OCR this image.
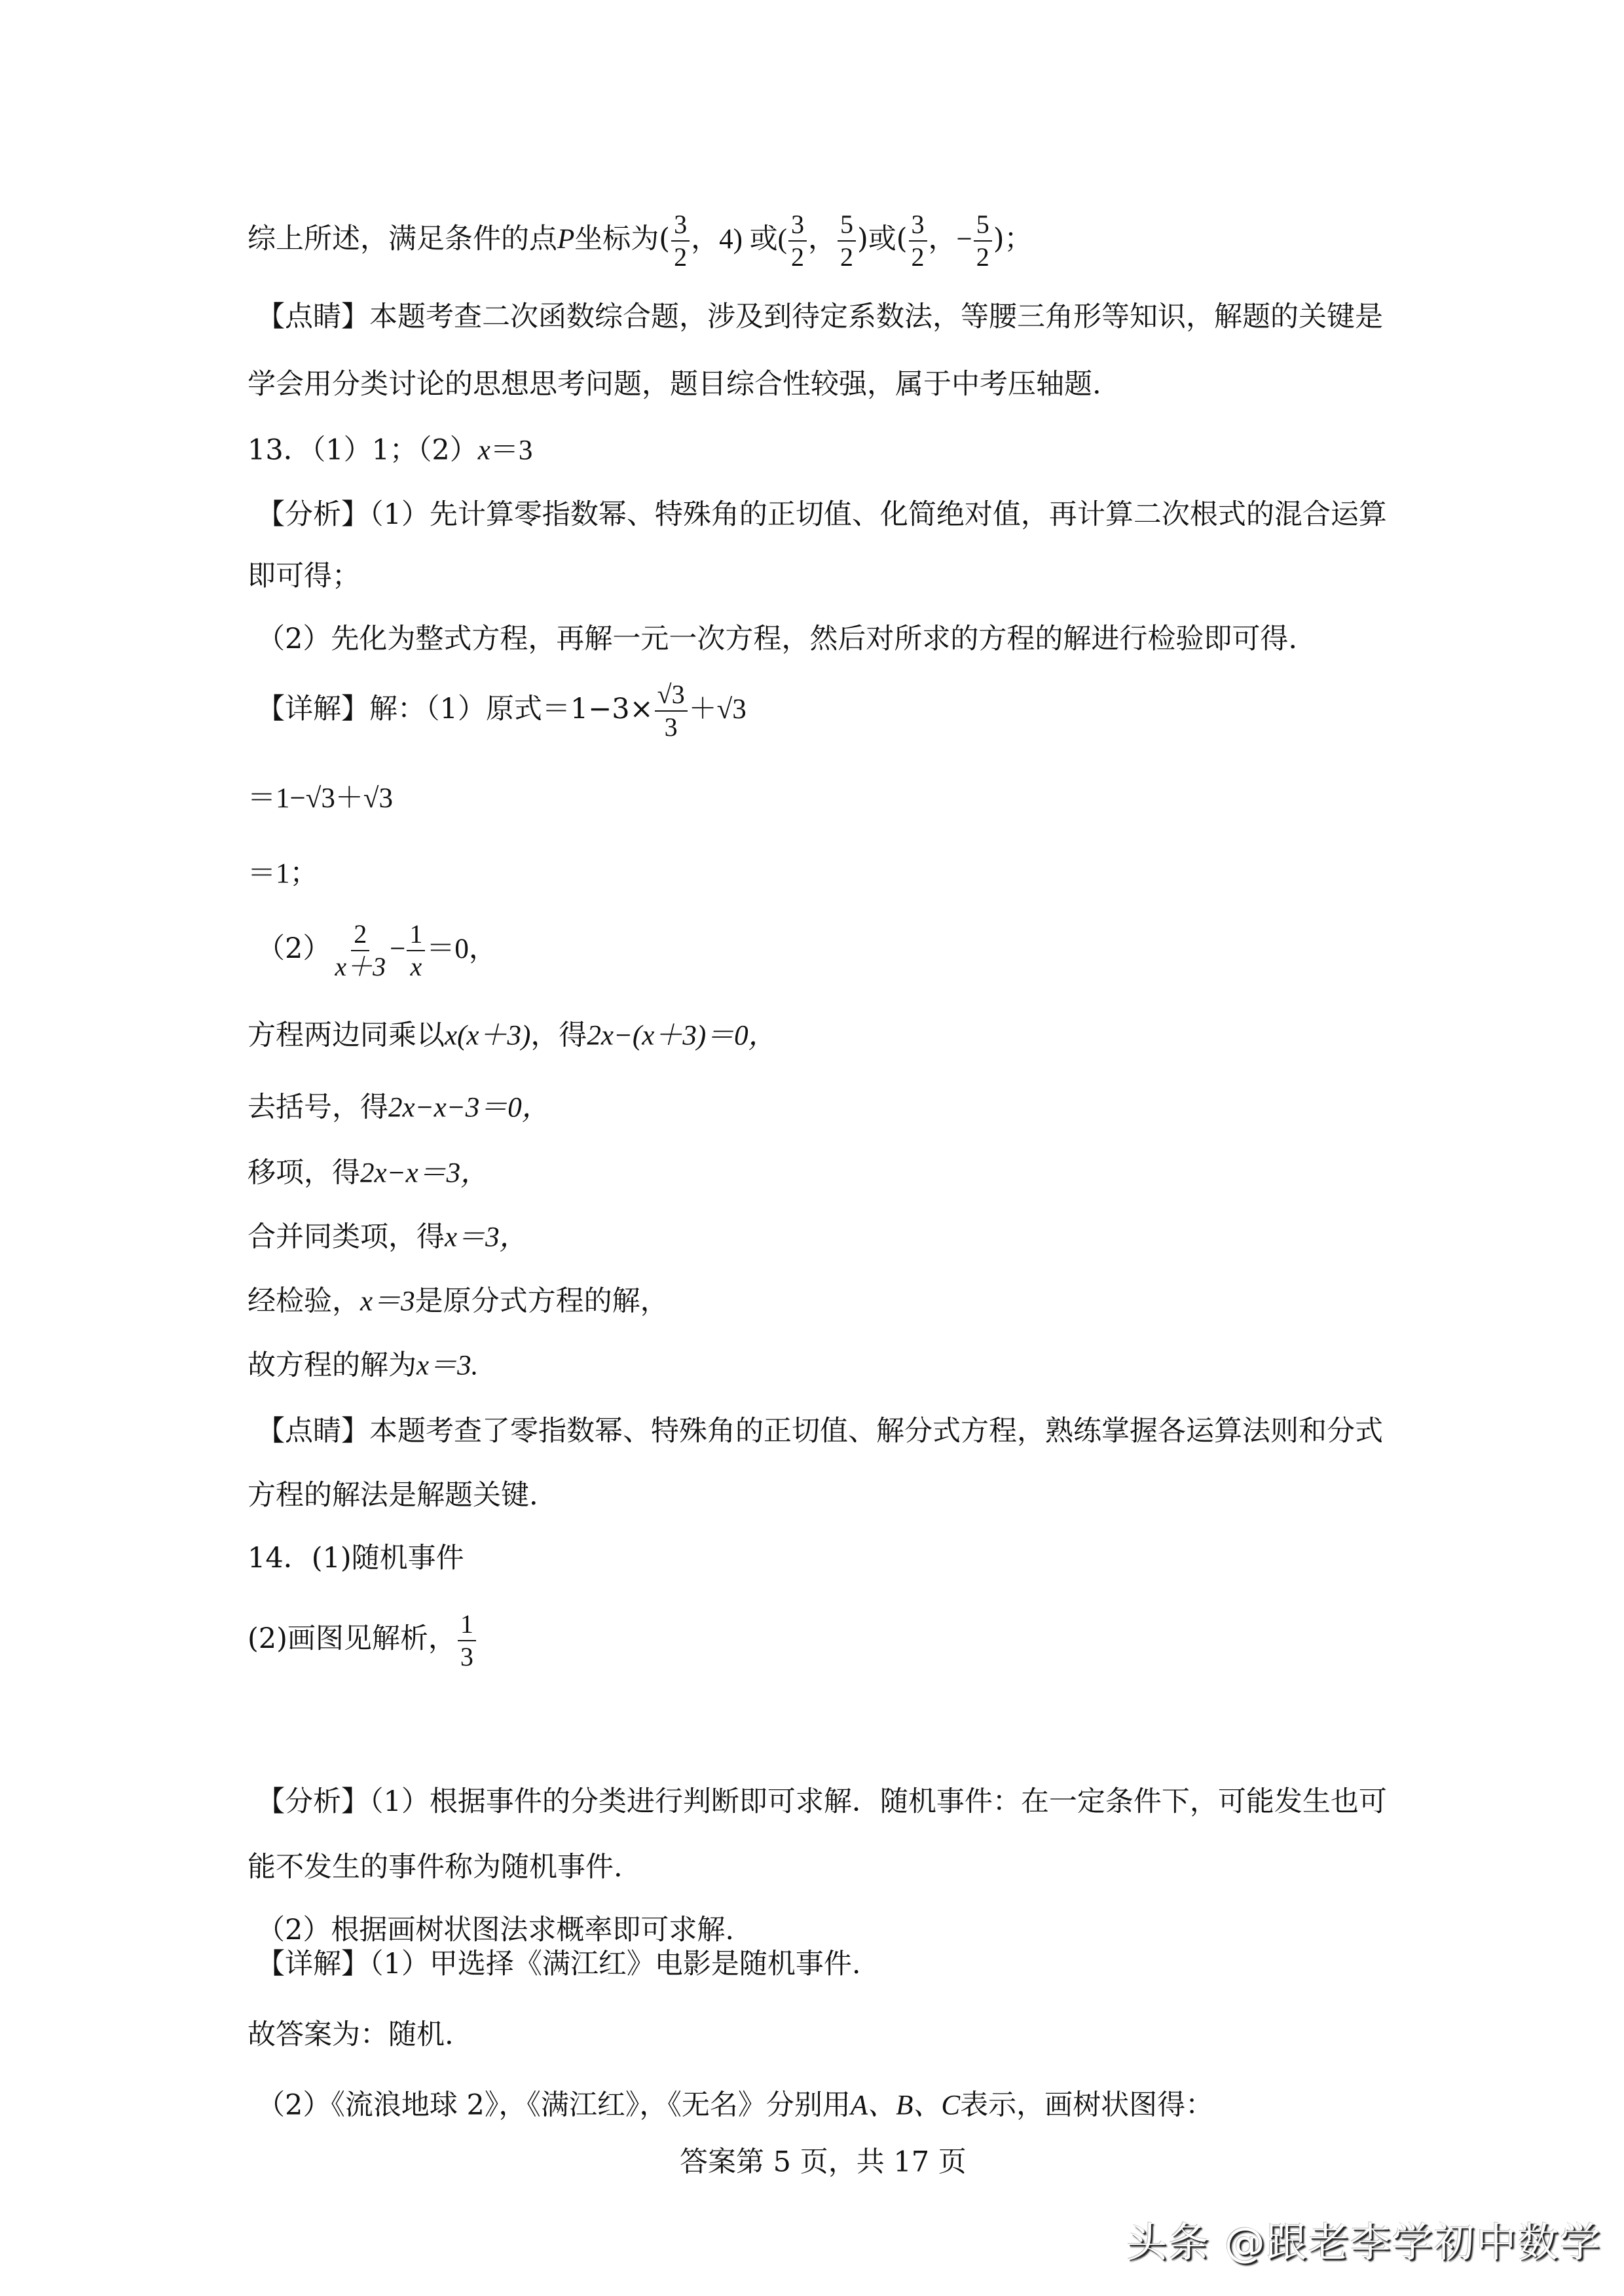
综上所述，满足条件的点P坐标为( $\frac{3}{2}$ ，4) 或( $\frac{3}{2}$ ， $\frac{5}{2}$ )或( $\frac{3}{2}$ ，− $\frac{5}{2}$ )；
【点睛】本题考查二次函数综合题，涉及到待定系数法，等腰三角形等知识，解题的关键是
学会用分类讨论的思想思考问题，题目综合性较强，属于中考压轴题.
13．（1）1；（2）x＝3
【分析】（1）先计算零指数幂、特殊角的正切值、化简绝对值，再计算二次根式的混合运算
即可得；
（2）先化为整式方程，再解一元一次方程，然后对所求的方程的解进行检验即可得.
【详解】解：（1）原式$=1-3\times \frac{√3}{3} +√3$
＝1−√3＋√3
＝1；
$(2) \frac{2}{x+3} - \frac{1}{x} =0$，
方程两边同乘以x(x＋3)，得2x−(x＋3)＝0，
去括号，得2x−x−3＝0，
移项，得2x−x＝3，
合并同类项，得x＝3，
经检验，x＝3是原分式方程的解，
故方程的解为x＝3.
【点睛】本题考查了零指数幂、特殊角的正切值、解分式方程，熟练掌握各运算法则和分式
方程的解法是解题关键.
14．(1)随机事件
(2)画图见解析， $\frac{1}{3}$
【分析】（1）根据事件的分类进行判断即可求解．随机事件：在一定条件下，可能发生也可
能不发生的事件称为随机事件.
（2）根据画树状图法求概率即可求解.
【详解】（1）甲选择《满江红》电影是随机事件.
故答案为：随机.
（2）《流浪地球 2》，《满江红》，《无名》分别用A、B、C表示，画树状图得：
答案第 5 页，共 17 页
头条 @跟老李学初中数学
